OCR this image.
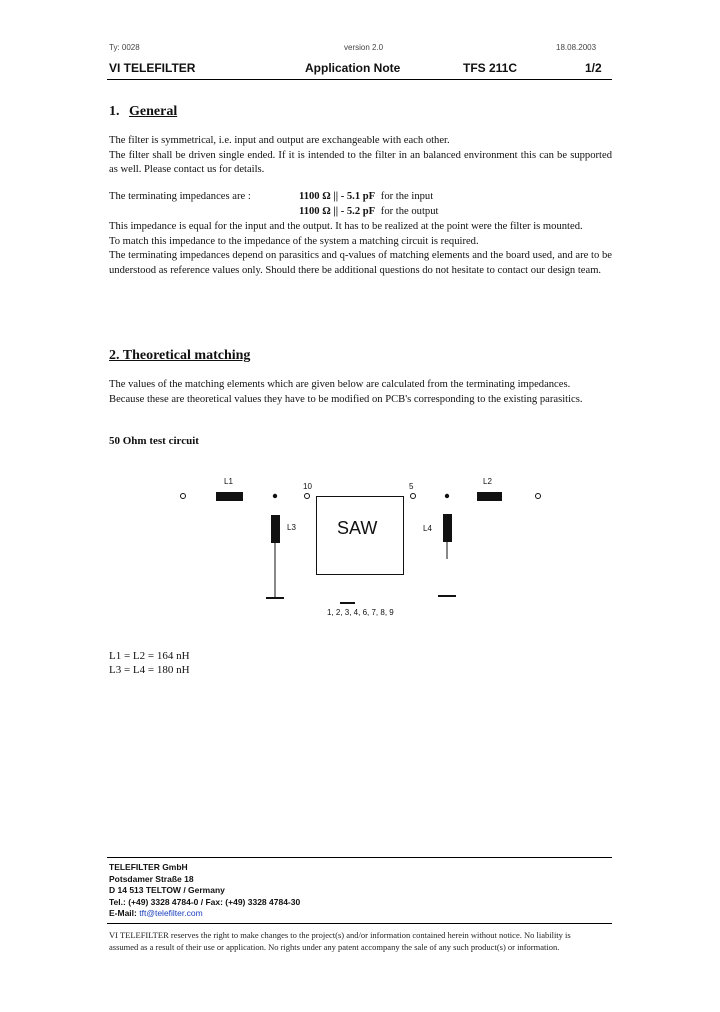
Ty: 0028	version 2.0	18.08.2003
VI TELEFILTER	Application Note	TFS 211C	1/2
1. General
The filter is symmetrical, i.e. input and output are exchangeable with each other.
The filter shall be driven single ended. If it is intended to the filter in an balanced environment this can be supported as well. Please contact us for details.
The terminating impedances are :	1100 Ω || - 5.1 pF for the input
1100 Ω || - 5.2 pF for the output
This impedance is equal for the input and the output. It has to be realized at the point were the filter is mounted.
To match this impedance to the impedance of the system a matching circuit is required.
The terminating impedances depend on parasitics and q-values of matching elements and the board used, and are to be understood as reference values only. Should there be additional questions do not hesitate to contact our design team.
2. Theoretical matching
The values of the matching elements which are given below are calculated from the terminating impedances.
Because these are theoretical values they have to be modified on PCB's corresponding to the existing parasitics.
50 Ohm test circuit
L1	L2
L3	L4
10	5
SAW
1, 2, 3, 4, 6, 7, 8, 9
L1 = L2 = 164 nH
L3 = L4 = 180 nH
TELEFILTER GmbH
Potsdamer Straße 18
D 14 513 TELTOW / Germany
Tel.: (+49) 3328 4784-0 / Fax: (+49) 3328 4784-30
E-Mail: tft@telefilter.com
VI TELEFILTER reserves the right to make changes to the project(s) and/or information contained herein without notice. No liability is
assumed as a result of their use or application. No rights under any patent accompany the sale of any such product(s) or information.
